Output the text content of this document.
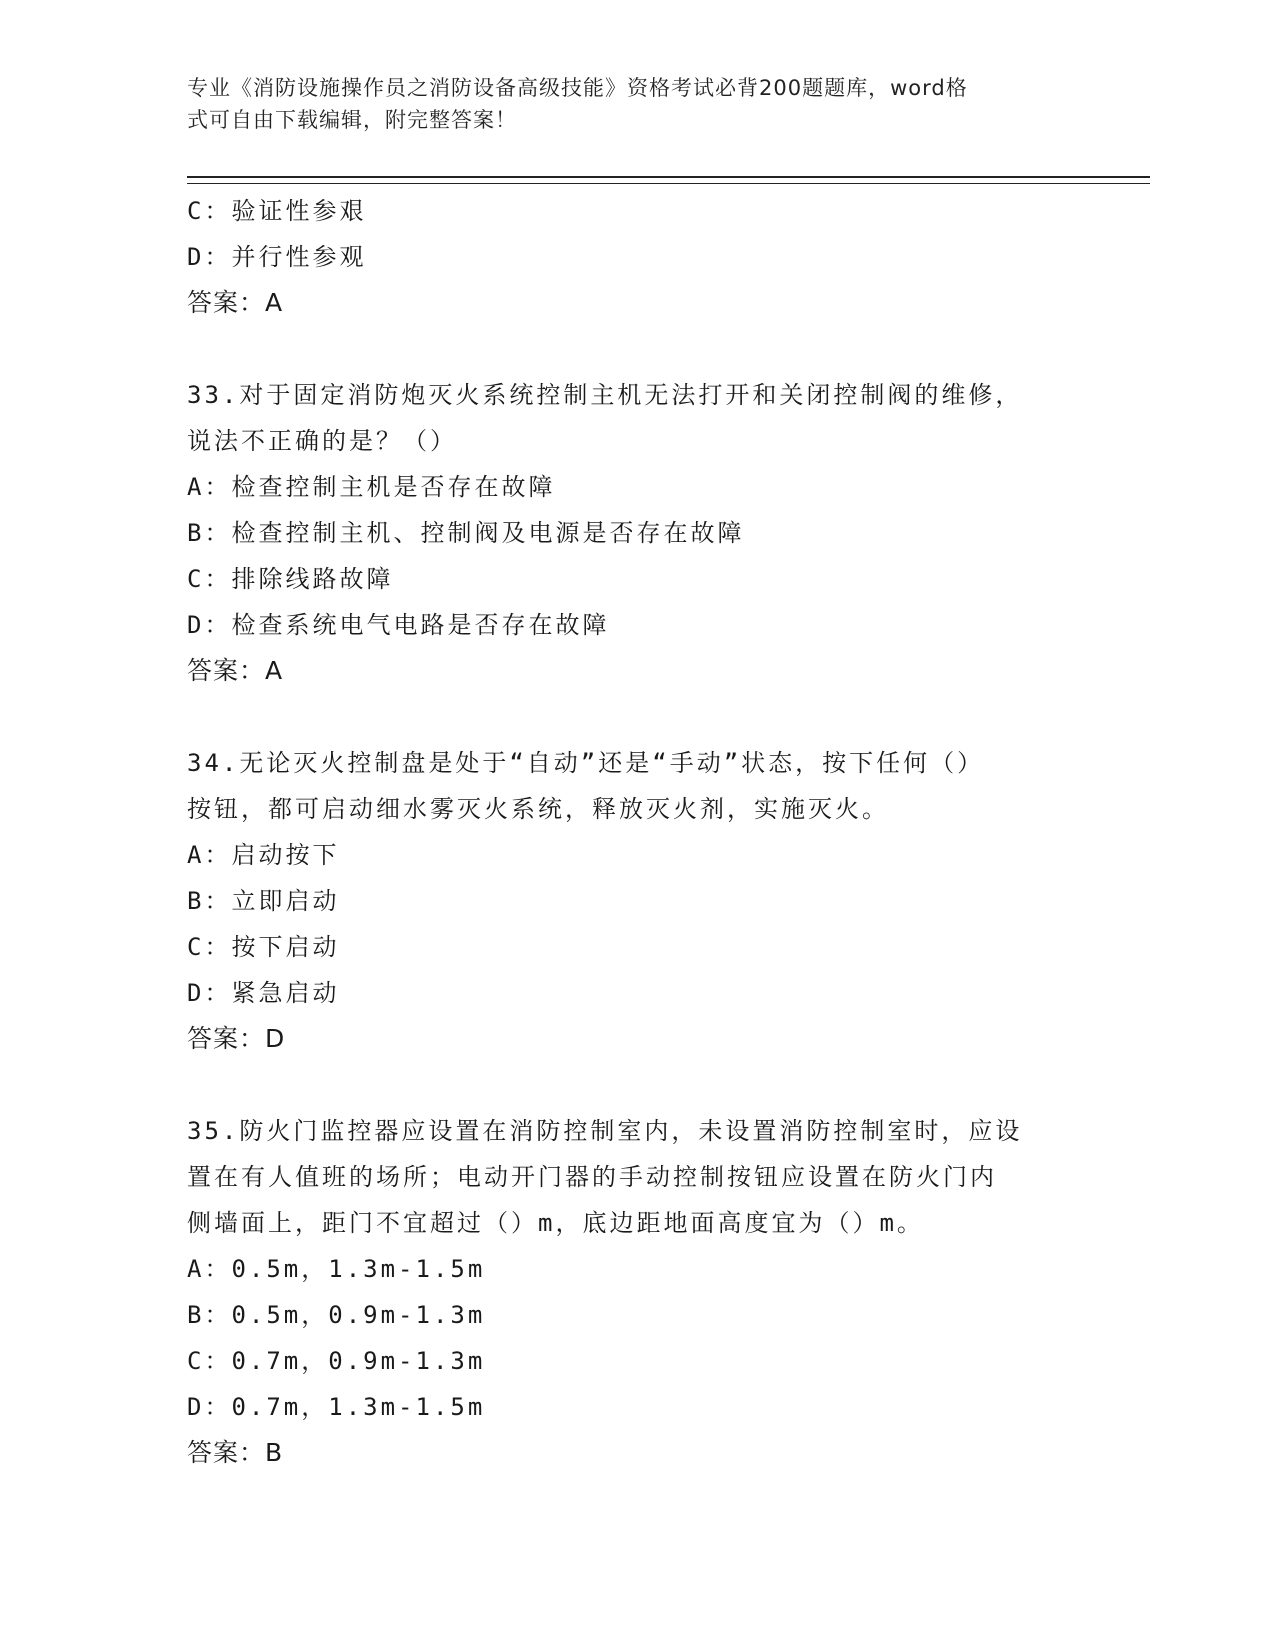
专业《消防设施操作员之消防设备高级技能》资格考试必背200题题库，word格
式可自由下载编辑，附完整答案！
C：验证性参艰
D：并行性参观
答案：A
33.对于固定消防炮灭火系统控制主机无法打开和关闭控制阀的维修，
说法不正确的是？（）
A：检查控制主机是否存在故障
B：检查控制主机、控制阀及电源是否存在故障
C：排除线路故障
D：检查系统电气电路是否存在故障
答案：A
34.无论灭火控制盘是处于“自动”还是“手动”状态，按下任何（）
按钮，都可启动细水雾灭火系统，释放灭火剂，实施灭火。
A：启动按下
B：立即启动
C：按下启动
D：紧急启动
答案：D
35.防火门监控器应设置在消防控制室内，未设置消防控制室时，应设
置在有人值班的场所；电动开门器的手动控制按钮应设置在防火门内
侧墙面上，距门不宜超过（）m，底边距地面高度宜为（）m。
A：0.5m，1.3m-1.5m
B：0.5m，0.9m-1.3m
C：0.7m，0.9m-1.3m
D：0.7m，1.3m-1.5m
答案：B
